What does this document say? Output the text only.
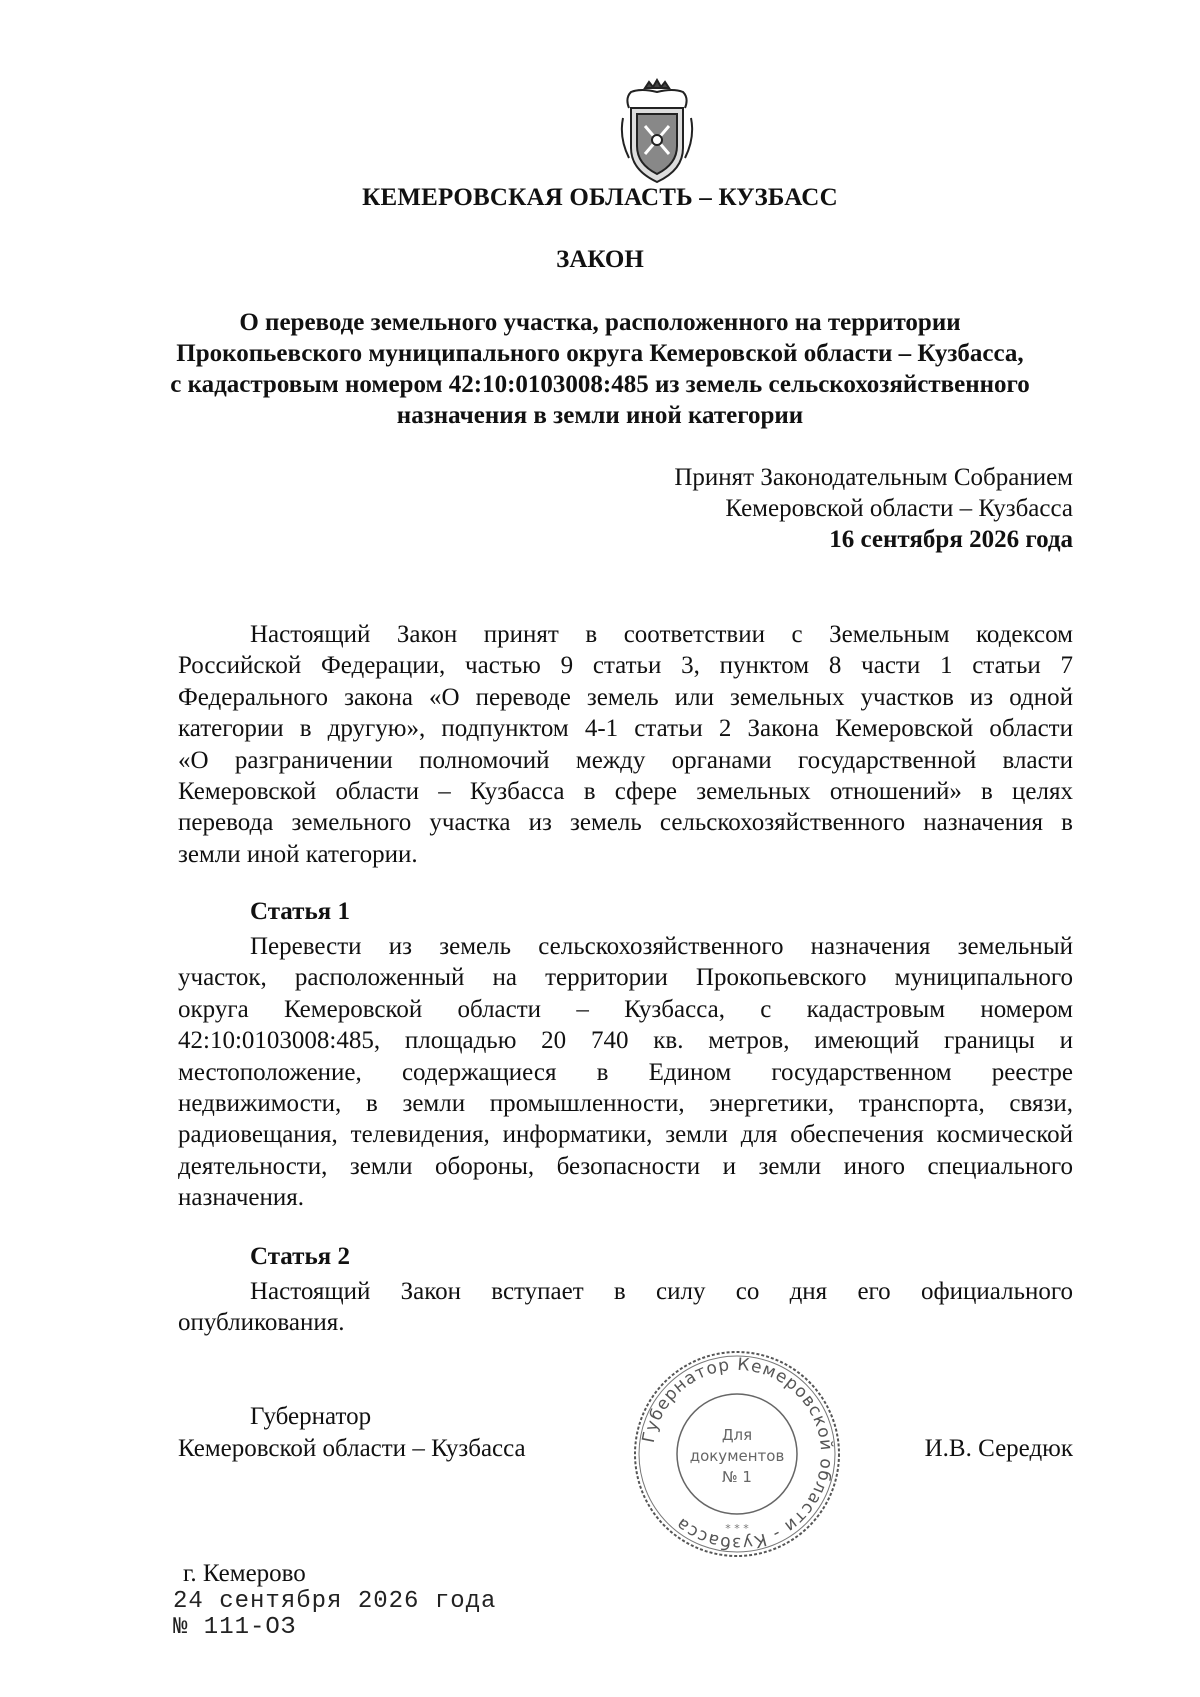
КЕМЕРОВСКАЯ ОБЛАСТЬ – КУЗБАСС
ЗАКОН
О переводе земельного участка, расположенного на территории
Прокопьевского муниципального округа Кемеровской области – Кузбасса,
с кадастровым номером 42:10:0103008:485 из земель сельскохозяйственного
назначения в земли иной категории
Принят Законодательным Собранием
Кемеровской области – Кузбасса
16 сентября 2026 года
Настоящий Закон принят в соответствии с Земельным кодексом
Российской Федерации, частью 9 статьи 3, пунктом 8 части 1 статьи 7
Федерального закона «О переводе земель или земельных участков из одной
категории в другую», подпунктом 4-1 статьи 2 Закона Кемеровской области
«О разграничении полномочий между органами государственной власти
Кемеровской области – Кузбасса в сфере земельных отношений» в целях
перевода земельного участка из земель сельскохозяйственного назначения в
земли иной категории.
Статья 1
Перевести из земель сельскохозяйственного назначения земельный
участок, расположенный на территории Прокопьевского муниципального
округа Кемеровской области – Кузбасса, с кадастровым номером
42:10:0103008:485, площадью 20 740 кв. метров, имеющий границы и
местоположение, содержащиеся в Едином государственном реестре
недвижимости, в земли промышленности, энергетики, транспорта, связи,
радиовещания, телевидения, информатики, земли для обеспечения космической
деятельности, земли обороны, безопасности и земли иного специального
назначения.
Статья 2
Настоящий Закон вступает в силу со дня его официального
опубликования.
Губернатор
Кемеровской области – Кузбасса	И.В. Середюк
Губернатор Кемеровской области - Кузбасса
Для
документов
№ 1
* * *
г. Кемерово
24 сентября 2026 года
№ 111-ОЗ
